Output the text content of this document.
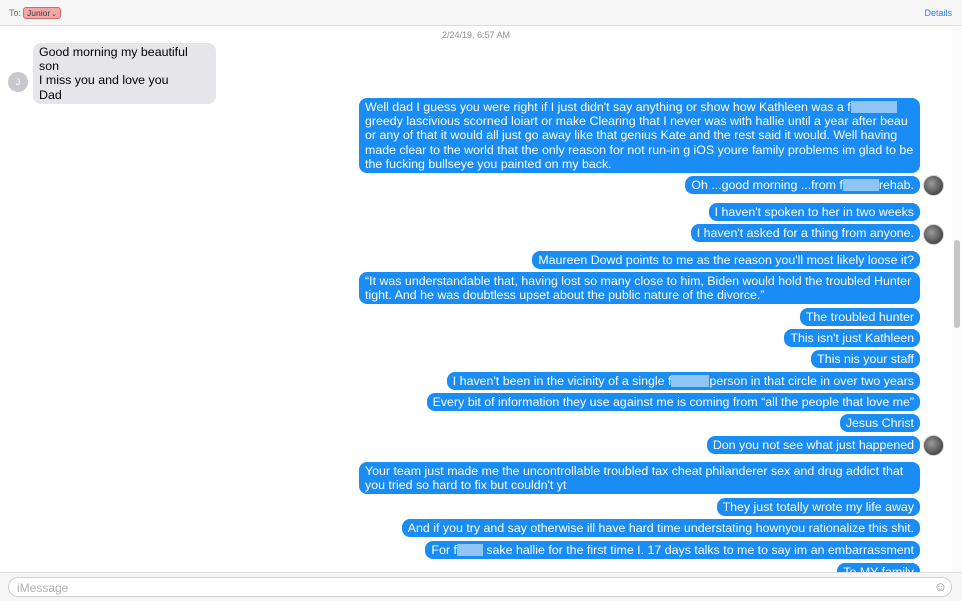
To: Junior⌄	Details
2/24/19, 6:57 AM
J
Good morning my beautiful son
I miss you and love you
Dad
Well dad I guess you were right if I just didn't say anything or show how Kathleen was a f greedy lascivious scorned loiart or make Clearing that I never was with hallie until a year after beau or any of that it would all just go away like that genius Kate and the rest said it would. Well having made clear to the world that the only reason for not run-in g iOS youre family problems im glad to be the fucking bullseye you painted on my back.
Oh ...good morning ...from f	rehab.
I haven't spoken to her in two weeks
I haven't asked for a thing from anyone.
Maureen Dowd points to me as the reason you'll most likely loose it?
“It was understandable that, having lost so many close to him, Biden would hold the troubled Hunter tight. And he was doubtless upset about the public nature of the divorce.”
The troubled hunter
This isn't just Kathleen
This nis your staff
I haven't been in the vicinity of a single f	person in that circle in over two years
Every bit of information they use against me is coming from “all the people that love me”
Jesus Christ
Don you not see what just happened
Your team just made me the uncontrollable troubled tax cheat philanderer sex and drug addict that you tried so hard to fix but couldn't yt
They just totally wrote my life away
And if you try and say otherwise ill have hard time understating hownyou rationalize this shit.
For f sake hallie for the first time I. 17 days talks to me to say im an embarrassment
iMessage	☺
